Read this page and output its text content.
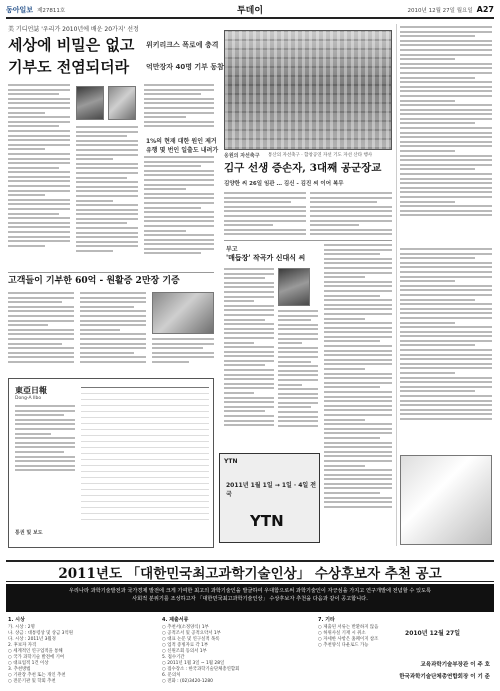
동아일보 제27811호	투데이	2010년 12월 27일 월요일 A27
美 기디언誌 '우리가 2010년에 배운 20가지' 선정
세상에 비밀은 없고
기부도 전염되더라
위키리크스 폭로에 충격
억만장자 40명 기부 동참
1%의 현재 대한 원인 제거
유행 몇 번인 일출도 내려가
고객들이 기부한 60억 - 원활증 2만장 기증
東亞日報
Dong-A Ilbo
통권 및 보도
응원의 자선축구 통산의 자선축구 · 합창공연 자선 기도 자선 산타 행사
김구 선생 증손자, 3대째 공군장교
김양한 씨 26일 임관 … 김신 - 김진 씨 이어 복무
부고
'매듭장' 작곡가 신대식 씨
YTN
2011년 1월 1일 → 1일 · 4일 전국
YTN
2011년도 「대한민국최고과학기술인상」 수상후보자 추천 공고
우리나라 과학기술발전과 국가경제 발전에 크게 기여한 최고의 과학기술인을 발굴하여 우대함으로써 과학기술인이 자긍심을 가지고 연구개발에 전념할 수 있도록
사회적 분위기를 조성하고자 「대한민국최고과학기술인상」 수상후보자 추천을 다음과 같이 공고합니다.
1. 시상
가. 시상 : 2명
나. 상금 : 대통령상 및 상금 3억원
다. 시상 : 2011년 3월경
2. 후보자 자격
○ 세계적인 연구업적을 통해
○ 국가 과학기술 발전에 기여
○ 대표업적 1건 이상
3. 추천방법
○ 기관장 추천 또는 개인 추천
○ 전문기관 및 학회 추천
4. 제출서류
○ 추천서(소정양식) 1부
○ 공적조서 및 공적요약서 1부
○ 대표 논문 및 연구실적 목록
○ 업적 증빙자료 각 1부
○ 신원조회 동의서 1부
5. 접수기간
○ 2011년 1월 3일 ~ 1월 28일
○ 접수장소 : 한국과학기술단체총연합회
6. 문의처
○ 전화 : (02)3420-1280
7. 기타
○ 제출된 서류는 반환하지 않음
○ 허위사실 기재 시 취소
○ 자세한 사항은 홈페이지 참조
○ 추천양식 다운로드 가능
2010년 12월 27일
교육과학기술부장관 이 주 호
한국과학기술단체총연합회장 이 기 준
